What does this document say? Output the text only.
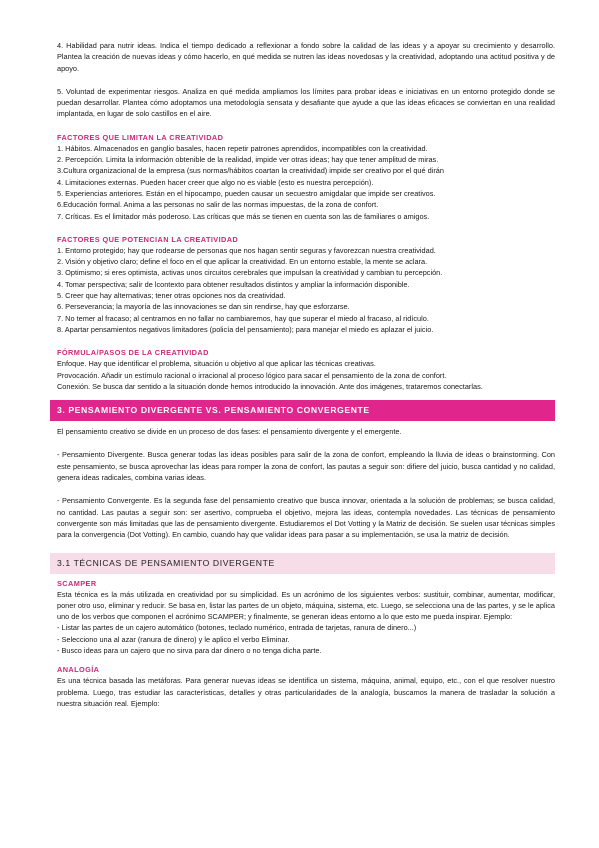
4. Habilidad para nutrir ideas. Indica el tiempo dedicado a reflexionar a fondo sobre la calidad de las ideas y a apoyar su crecimiento y desarrollo. Plantea la creación de nuevas ideas y cómo hacerlo, en qué medida se nutren las ideas novedosas y la creatividad, adoptando una actitud positiva y de apoyo.

5. Voluntad de experimentar riesgos. Analiza en qué medida ampliamos los límites para probar ideas e iniciativas en un entorno protegido donde se puedan desarrollar. Plantea cómo adoptamos una metodología sensata y desafiante que ayude a que las ideas eficaces se conviertan en una realidad implantada, en lugar de solo castillos en el aire.

FACTORES QUE LIMITAN LA CREATIVIDAD

1. Hábitos. Almacenados en ganglio basales, hacen repetir patrones aprendidos, incompatibles con la creatividad.

2. Percepción. Limita la información obtenible de la realidad, impide ver otras ideas; hay que tener amplitud de miras.

3.Cultura organizacional de la empresa (sus normas/hábitos coartan la creatividad) impide ser creativo por el qué dirán

4. Limitaciones externas. Pueden hacer creer que algo no es viable (esto es nuestra percepción).

5. Experiencias anteriores. Están en el hipocampo, pueden causar un secuestro amigdalar que impide ser creativos.

6.Educación formal. Anima a las personas no salir de las normas impuestas, de la zona de confort.

7. Críticas. Es el limitador más poderoso. Las críticas que más se tienen en cuenta son las de familiares o amigos.

FACTORES QUE POTENCIAN LA CREATIVIDAD

1. Entorno protegido; hay que rodearse de personas que nos hagan sentir seguras y favorezcan nuestra creatividad.

2. Visión y objetivo claro; define el foco en el que aplicar la creatividad. En un entorno estable, la mente se aclara.

3. Optimismo; si eres optimista, activas unos circuitos cerebrales que impulsan la creatividad y cambian tu percepción.

4. Tomar perspectiva; salir de lcontexto para obtener resultados distintos y ampliar la información disponible.

5. Creer que hay alternativas; tener otras opciones nos da creatividad.

6. Perseverancia; la mayoría de las innovaciones se dan sin rendirse, hay que esforzarse.

7. No temer al fracaso; al centrarnos en no fallar no cambiaremos, hay que superar el miedo al fracaso, al ridículo.

8. Apartar pensamientos negativos limitadores (policía del pensamiento); para manejar el miedo es aplazar el juicio.

FÓRMULA/PASOS DE LA CREATIVIDAD

Enfoque. Hay que identificar el problema, situación u objetivo al que aplicar las técnicas creativas.

Provocación. Añadir un estímulo racional o irracional al proceso lógico para sacar el pensamiento de la zona de confort.

Conexión. Se busca dar sentido a la situación donde hemos introducido la innovación. Ante dos imágenes, trataremos conectarlas.

3. PENSAMIENTO DIVERGENTE VS. PENSAMIENTO CONVERGENTE

El pensamiento creativo se divide en un proceso de dos fases: el pensamiento divergente y el emergente.

- Pensamiento Divergente. Busca generar todas las ideas posibles para salir de la zona de confort, empleando la lluvia de ideas o brainstorming. Con este pensamiento, se busca aprovechar las ideas para romper la zona de confort, las pautas a seguir son: difiere del juicio, busca cantidad y no calidad, genera ideas radicales, combina varias ideas.

- Pensamiento Convergente. Es la segunda fase del pensamiento creativo que busca innovar, orientada a la solución de problemas; se busca calidad, no cantidad. Las pautas a seguir son: ser asertivo, comprueba el objetivo, mejora las ideas, contempla novedades. Las técnicas de pensamiento convergente son más limitadas que las de pensamiento divergente. Estudiaremos el Dot Votting y la Matriz de decisión. Se suelen usar técnicas simples para la convergencia (Dot Votting). En cambio, cuando hay que validar ideas para pasar a su implementación, se usa la matriz de decisión.

3.1 TÉCNICAS DE PENSAMIENTO DIVERGENTE
SCAMPER

Esta técnica es la más utilizada en creatividad por su simplicidad. Es un acrónimo de los siguientes verbos: sustituir, combinar, aumentar, modificar, poner otro uso, eliminar y reducir. Se basa en, listar las partes de un objeto, máquina, sistema, etc. Luego, se selecciona una de las partes, y se le aplica uno de los verbos que componen el acrónimo SCAMPER; y finalmente, se generan ideas entorno a lo que esto me pueda inspirar. Ejemplo:

- Listar las partes de un cajero automático (botones, teclado numérico, entrada de tarjetas, ranura de dinero...)

- Selecciono una al azar (ranura de dinero) y le aplico el verbo Eliminar.

- Busco ideas para un cajero que no sirva para dar dinero o no tenga dicha parte.

ANALOGÍA

Es una técnica basada las metáforas. Para generar nuevas ideas se identifica un sistema, máquina, animal, equipo, etc., con el que resolver nuestro problema. Luego, tras estudiar las características, detalles y otras particularidades de la analogía, buscamos la manera de trasladar la solución a nuestra situación real. Ejemplo:
